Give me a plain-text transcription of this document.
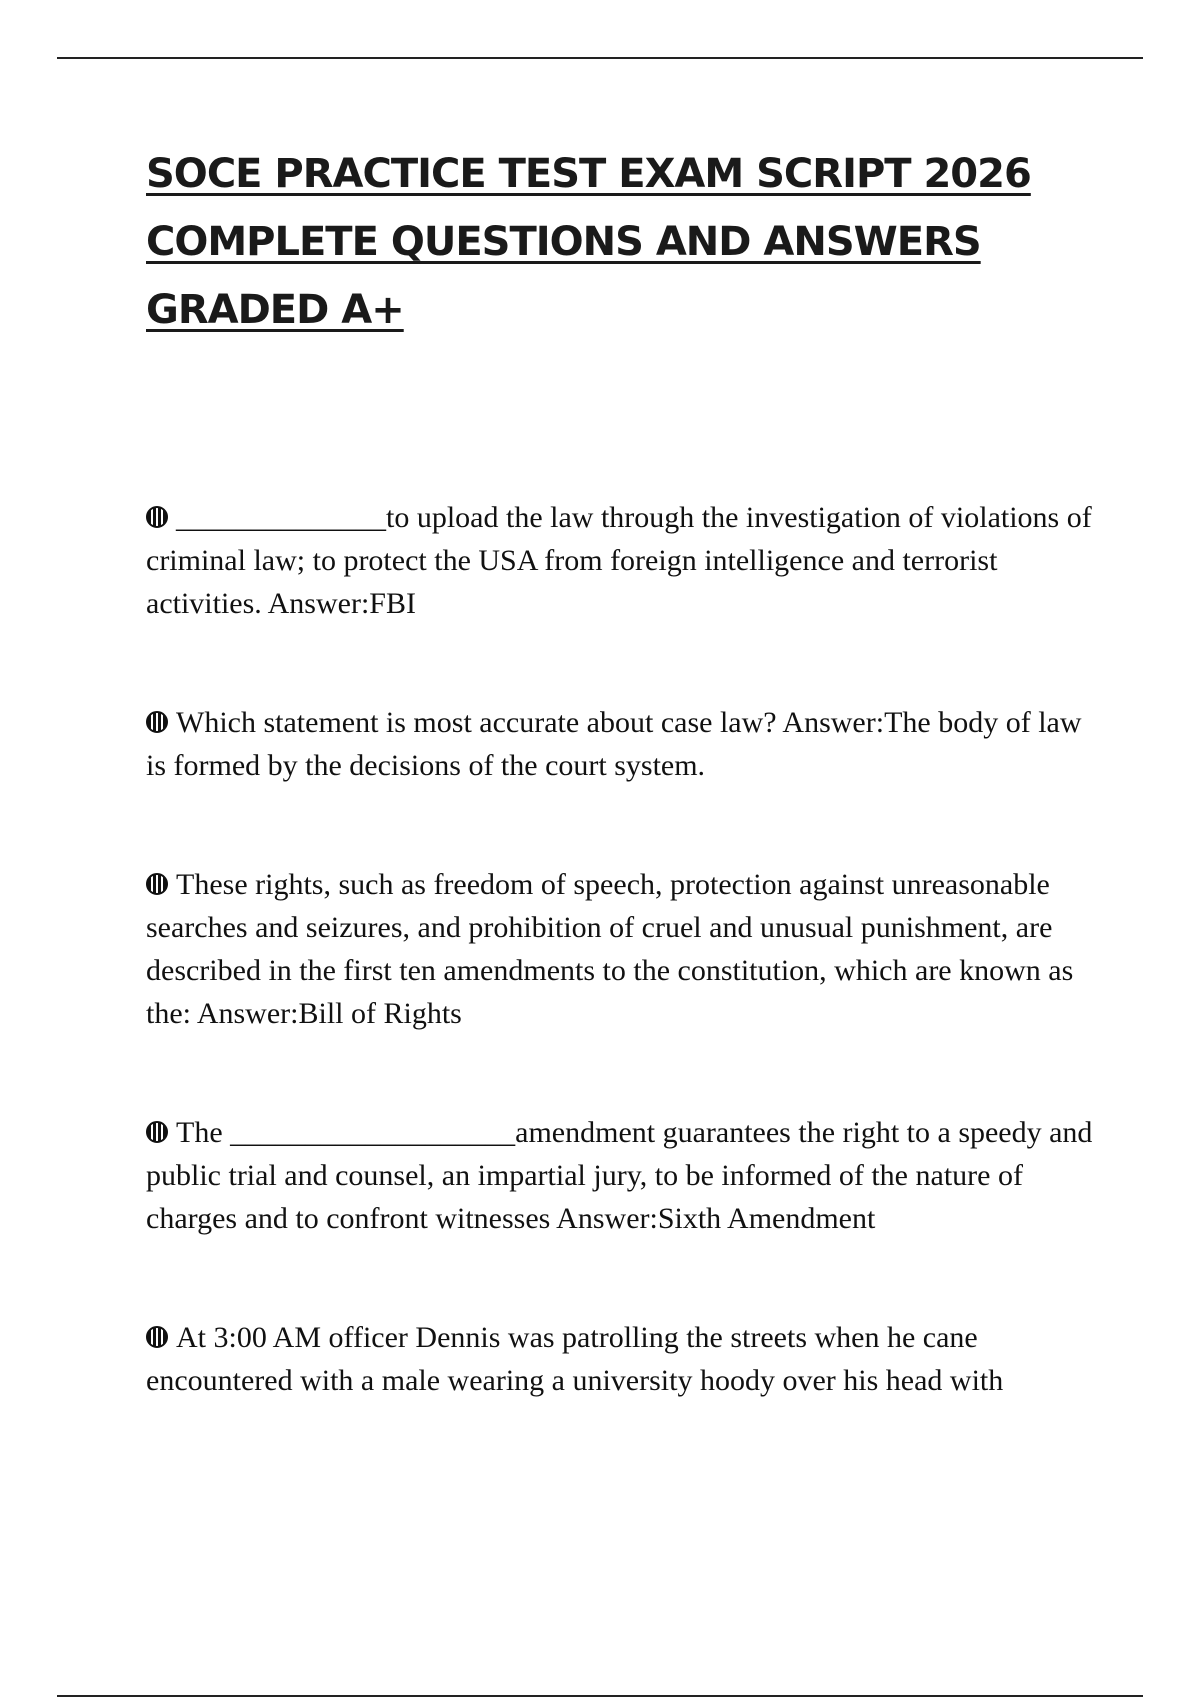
SOCE PRACTICE TEST EXAM SCRIPT 2026
COMPLETE QUESTIONS AND ANSWERS
GRADED A+

______________to upload the law through the investigation of violations of criminal law; to protect the USA from foreign intelligence and terrorist activities. Answer:FBI

Which statement is most accurate about case law? Answer:The body of law is formed by the decisions of the court system.

These rights, such as freedom of speech, protection against unreasonable searches and seizures, and prohibition of cruel and unusual punishment, are described in the first ten amendments to the constitution, which are known as the: Answer:Bill of Rights

The ___________________amendment guarantees the right to a speedy and public trial and counsel, an impartial jury, to be informed of the nature of charges and to confront witnesses Answer:Sixth Amendment

At 3:00 AM officer Dennis was patrolling the streets when he cane encountered with a male wearing a university hoody over his head with
